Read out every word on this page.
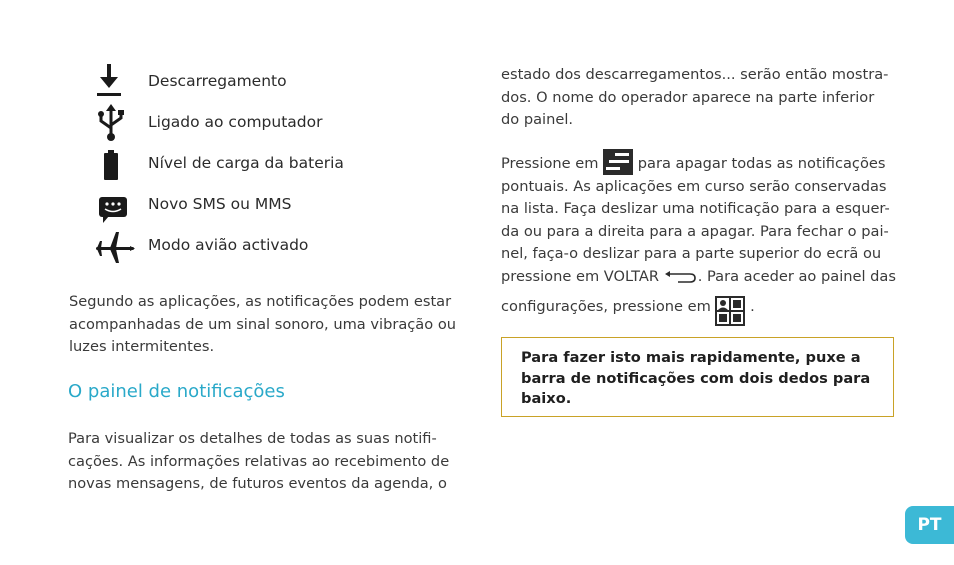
Descarregamento
Ligado ao computador
Nível de carga da bateria
Novo SMS ou MMS
Modo avião activado
Segundo as aplicações, as notificações podem estar
acompanhadas de um sinal sonoro, uma vibração ou
luzes intermitentes.
O painel de notificações
Para visualizar os detalhes de todas as suas notifi-
cações. As informações relativas ao recebimento de
novas mensagens, de futuros eventos da agenda, o
estado dos descarregamentos... serão então mostra-
dos. O nome do operador aparece na parte inferior
do painel.
Pressione em
para apagar todas as notificações
pontuais. As aplicações em curso serão conservadas
na lista. Faça deslizar uma notificação para a esquer-
da ou para a direita para a apagar. Para fechar o pai-
nel, faça-o deslizar para a parte superior do ecrã ou
pressione em VOLTAR
. Para aceder ao painel das
configurações, pressione em
.
Para fazer isto mais rapidamente, puxe a
barra de notificações com dois dedos para
baixo.
PT
